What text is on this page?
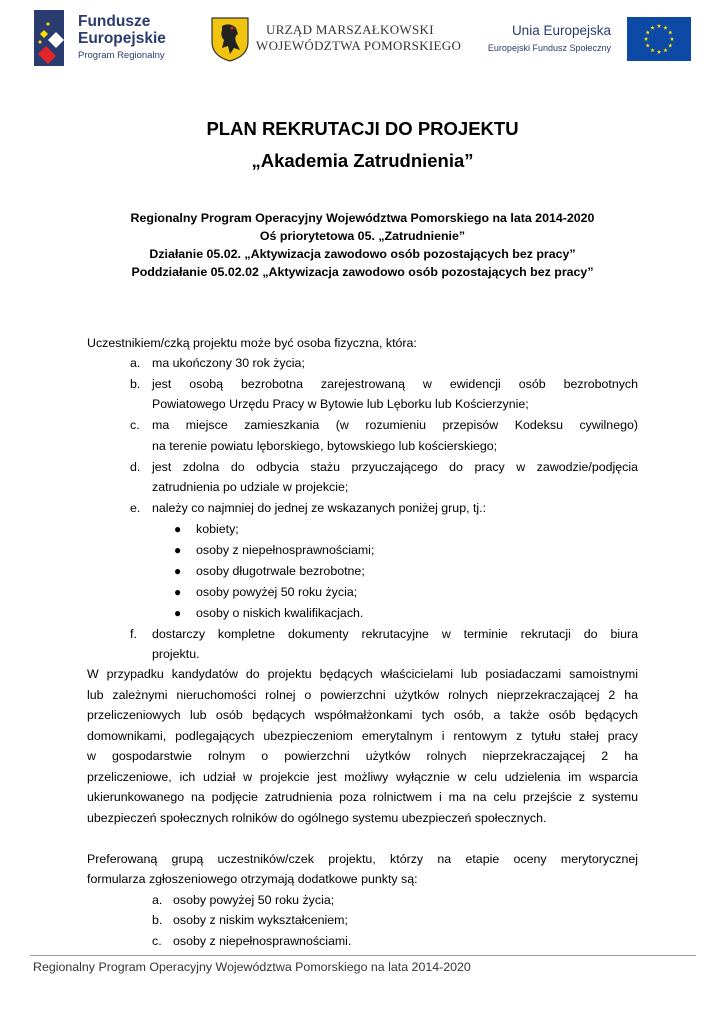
Fundusze
Europejskie
Program Regionalny
URZĄD MARSZAŁKOWSKI
WOJEWÓDZTWA POMORSKIEGO
Unia Europejska
Europejski Fundusz Społeczny
PLAN REKRUTACJI DO PROJEKTU
„Akademia Zatrudnienia”
Regionalny Program Operacyjny Województwa Pomorskiego na lata 2014-2020
Oś priorytetowa 05. „Zatrudnienie”
Działanie 05.02. „Aktywizacja zawodowo osób pozostających bez pracy”
Poddziałanie 05.02.02 „Aktywizacja zawodowo osób pozostających bez pracy”
Uczestnikiem/czką projektu może być osoba fizyczna, która:
a. ma ukończony 30 rok życia;
b. jest osobą bezrobotna zarejestrowaną w ewidencji osób bezrobotnych
Powiatowego Urzędu Pracy w Bytowie lub Lęborku lub Kościerzynie;
c. ma miejsce zamieszkania (w rozumieniu przepisów Kodeksu cywilnego)
na terenie powiatu lęborskiego, bytowskiego lub kościerskiego;
d. jest zdolna do odbycia stażu przyuczającego do pracy w zawodzie/podjęcia
zatrudnienia po udziale w projekcie;
e. należy co najmniej do jednej ze wskazanych poniżej grup, tj.:
● kobiety;
● osoby z niepełnosprawnościami;
● osoby długotrwale bezrobotne;
● osoby powyżej 50 roku życia;
● osoby o niskich kwalifikacjach.
f. dostarczy kompletne dokumenty rekrutacyjne w terminie rekrutacji do biura
projektu.
W przypadku kandydatów do projektu będących właścicielami lub posiadaczami samoistnymi
lub zależnymi nieruchomości rolnej o powierzchni użytków rolnych nieprzekraczającej 2 ha
przeliczeniowych lub osób będących współmałżonkami tych osób, a także osób będących
domownikami, podlegających ubezpieczeniom emerytalnym i rentowym z tytułu stałej pracy
w gospodarstwie rolnym o powierzchni użytków rolnych nieprzekraczającej 2 ha
przeliczeniowe, ich udział w projekcie jest możliwy wyłącznie w celu udzielenia im wsparcia
ukierunkowanego na podjęcie zatrudnienia poza rolnictwem i ma na celu przejście z systemu
ubezpieczeń społecznych rolników do ogólnego systemu ubezpieczeń społecznych.
Preferowaną grupą uczestników/czek projektu, którzy na etapie oceny merytorycznej
formularza zgłoszeniowego otrzymają dodatkowe punkty są:
a. osoby powyżej 50 roku życia;
b. osoby z niskim wykształceniem;
c. osoby z niepełnosprawnościami.
Regionalny Program Operacyjny Województwa Pomorskiego na lata 2014-2020
